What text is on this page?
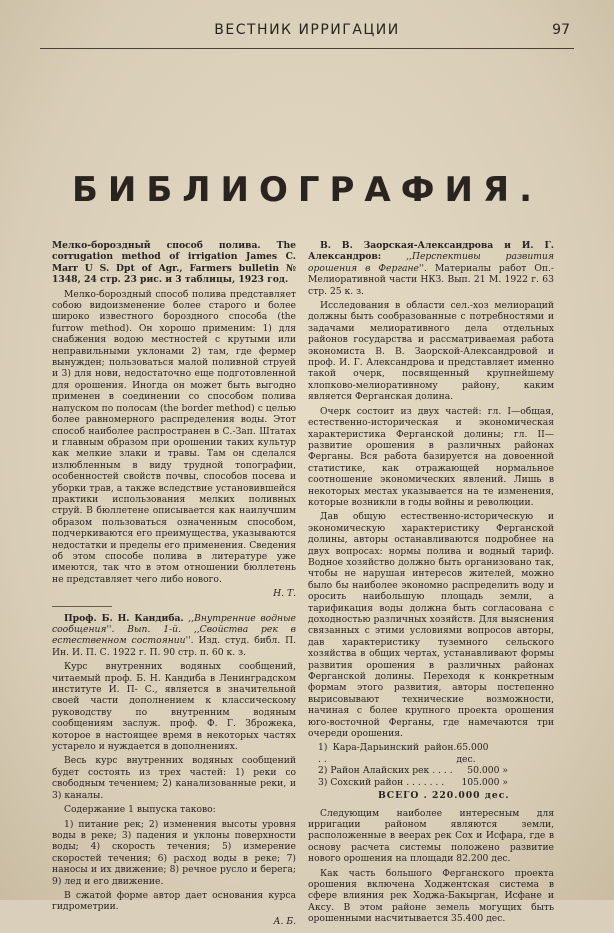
ВЕСТНИК ИРРИГАЦИИ	97
БИБЛИОГРАФИЯ.

Мелко-бороздный способ полива. The corrugation method of irrigation James C. Marr U S. Dpt of Agr., Farmers bulletin № 1348, 24 стр. 23 рис. и 3 таблицы, 1923 год.

Мелко-бороздный способ полива представляет собою видоизменение более старого и более широко известного бороздного способа (the furrow method). Он хорошо применим: 1) для снабжения водою местностей с крутыми или неправильными уклонами 2) там, где фермер вынужден; пользоваться малой поливной струей и 3) для нови, недостаточно еще подготовленной для орошения. Иногда он может быть выгодно применен в соединении со способом полива напуском по полосам (the border method) с целью более равномерного распределения воды. Этот способ наиболее распространен в С.-Зап. Штатах и главным образом при орошении таких культур как мелкие злаки и травы. Там он сделался излюбленным в виду трудной топографии, особенностей свойств почвы, способов посева и уборки трав, а также вследствие установившейся практики использования мелких поливных струй. В бюллетене описывается как наилучшим образом пользоваться означенным способом, подчеркиваются его преимущества, указываются недостатки и пределы его применения. Сведения об этом способе полива в литературе уже имеются, так что в этом отношении бюллетень не представляет чего либо нового.

Н. Т.

Проф. Б. Н. Кандиба. ,,Внутренние водные сообщения''. Вып. 1-й. ,,Свойства рек в естественном состоянии''. Изд. студ. библ. П. Ин. И. П. С. 1922 г. П. 90 стр. п. 60 к. з.

Курс внутренних водяных сообщений, читаемый проф. Б. Н. Кандиба в Ленинградском институте И. П- С., является в значительной своей части дополнением к классическому руководству по внутренним водяным сообщениям заслуж. проф. Ф. Г. Зброжека, которое в настоящее время в некоторых частях устарело и нуждается в дополнениях.

Весь курс внутренних водяных сообщений будет состоять из трех частей: 1) реки со свободным течением; 2) канализованные реки, и 3) каналы.

Содержание 1 выпуска таково:

1) питание рек; 2) изменения высоты уровня воды в реке; 3) падения и уклоны поверхности воды; 4) скорость течения; 5) измерение скоростей течения; 6) расход воды в реке; 7) наносы и их движение; 8) речное русло и берега; 9) лед и его движение.

В сжатой форме автор дает основания курса гидрометрии.

А. Б.

В. В. Заорская-Александрова и И. Г. Александров:	,,Перспективы развития орошения в Фергане''. Материалы работ Оп.-Мелиоративной части НКЗ. Вып. 21 М. 1922 г. 63 стр. 25 к. з.

Исследования в области сел.-хоз мелиораций должны быть сообразованные с потребностями и задачами мелиоративного дела отдельных районов государства и рассматриваемая работа экономиста В. В. Заорской-Александровой и проф. И. Г. Александрова и представляет именно такой очерк, посвященный крупнейшему хлопково-мелиоративному району, каким является Ферганская долина.

Очерк состоит из двух частей: гл. I—общая, естественно-историческая и экономическая характеристика Ферганской долины; гл. II—развитие орошения в различных районах Ферганы. Вся работа базируется на довоенной статистике, как отражающей нормальное соотношение экономических явлений. Лишь в некоторых местах указывается на те изменения, которые возникли в годы войны и революции.

Дав общую естественно-историческую и экономическую характеристику Ферганской долины, авторы останавливаются подробнее на двух вопросах: нормы полива и водный тариф. Водное хозяйство должно быть организовано так, чтобы не нарушая интересов жителей, можно было бы наиболее экономно распределить воду и оросить наибольшую площадь земли, а тарификация воды должна быть согласована с доходностью различных хозяйств. Для выяснения связанных с этими условиями вопросов авторы, дав характеристику туземного сельского хозяйства в общих чертах, устанавливают формы развития орошения в различных районах Ферганской долины. Переходя к конкретным формам этого развития, авторы постепенно вырисовывают технические возможности, начиная с более крупного проекта орошения юго-восточной Ферганы, где намечаются три очереди орошения.

1) Кара-Дарьинский район. . .
65.000 дес.
2) Район Алайских рек . . . . 50.000 »
3) Сохский район . . . . . . . 105.000 »
ВСЕГО . 220.000 дес.

Следующим наиболее интересным для ирригации районом являются земли, расположенные в веерах рек Сох и Исфара, где в основу расчета системы положено развитие нового орошения на площади 82.200 дес.

Как часть большого Ферганского проекта орошения включена Ходжентская система в сфере влияния рек Ходжа-Бакырган, Исфане и Аксу. В этом районе земель могущих быть орошенными насчитывается 35.400 дес.
